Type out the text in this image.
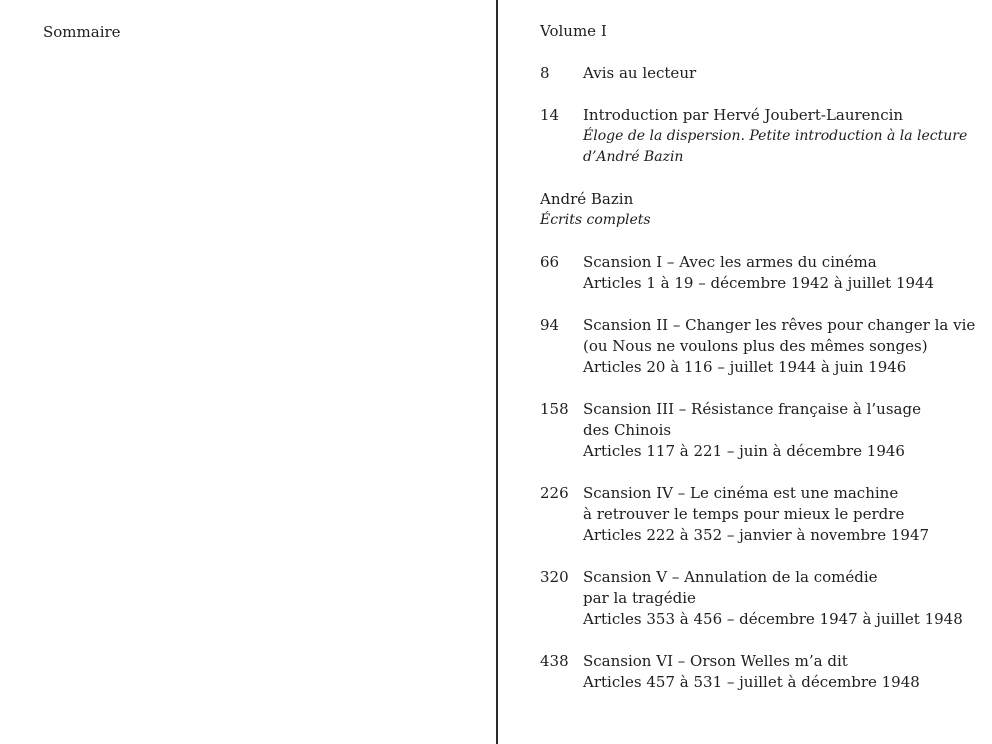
Sommaire	Volume I
8 Avis au lecteur
14 Introduction par Hervé Joubert-Laurencin
Éloge de la dispersion. Petite introduction à la lecture
d’André Bazin
André Bazin
Écrits complets
66 Scansion I – Avec les armes du cinéma
Articles 1 à 19 – décembre 1942 à juillet 1944
94 Scansion II – Changer les rêves pour changer la vie
(ou Nous ne voulons plus des mêmes songes)
Articles 20 à 116 – juillet 1944 à juin 1946
158 Scansion III – Résistance française à l’usage
des Chinois
Articles 117 à 221 – juin à décembre 1946
226 Scansion IV – Le cinéma est une machine
à retrouver le temps pour mieux le perdre
Articles 222 à 352 – janvier à novembre 1947
320 Scansion V – Annulation de la comédie
par la tragédie
Articles 353 à 456 – décembre 1947 à juillet 1948
438 Scansion VI – Orson Welles m’a dit
Articles 457 à 531 – juillet à décembre 1948
